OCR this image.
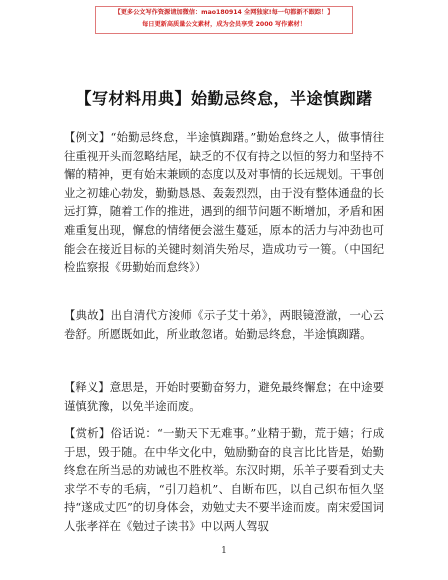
【更多公文写作资源请加微信：mao180914 全网独家!每一句都新不跟踪！】
每日更新高质量公文素材，成为会员享受 2000 写作素材！
【写材料用典】始勤忌终怠，半途慎踟躇

【例文】“始勤忌终怠，半途慎踟躇。”勤始怠终之人，做事情往往重视开头而忽略结尾，缺乏的不仅有持之以恒的努力和坚持不懈的精神，更有始末兼顾的态度以及对事情的长远规划。干事创业之初雄心勃发，勤勤恳恳、轰轰烈烈，由于没有整体通盘的长远打算，随着工作的推进，遇到的细节问题不断增加，矛盾和困难重复出现，懈怠的情绪便会滋生蔓延，原本的活力与冲劲也可能会在接近目标的关键时刻消失殆尽，造成功亏一篑。（中国纪检监察报《毋勤始而怠终》）

【典故】出自清代方浚师《示子艾十弟》，两眼镜澄澈，一心云卷舒。所愿既如此，所业敢忽诸。始勤忌终怠，半途慎踟躇。

【释义】意思是，开始时要勤奋努力，避免最终懈怠；在中途要谨慎犹豫，以免半途而废。

【赏析】俗话说：“一勤天下无难事。”业精于勤，荒于嬉；行成于思，毁于随。在中华文化中，勉励勤奋的良言比比皆是，始勤终怠在所当忌的劝诫也不胜枚举。东汉时期，乐羊子要看到丈夫求学不专的毛病，“引刀趋机”、自断布匹，以自己织布恒久坚持“遂成丈匹”的切身体会，劝勉丈夫不要半途而废。南宋爱国词人张孝祥在《勉过子读书》中以两人驾驭

1
